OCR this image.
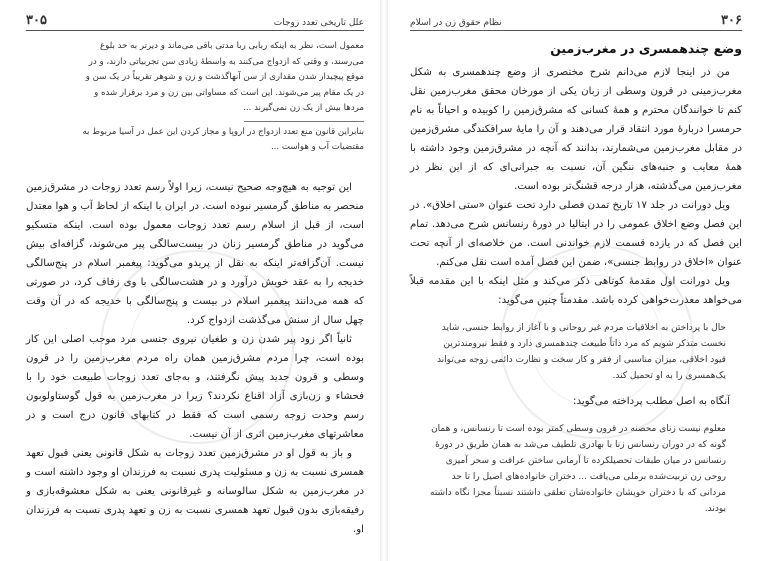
علل تاریخی تعدد زوجات
۳۰۵

معمول است، نظر به اینکه ربابی ربا مدتی باقی می‌ماند و دیرتر به حد بلوغ

می‌رسند، و وقتی که ازدواج می‌کنند به واسطهٔ زیادی سن تجربیاتی دارند، و در

موقع پیچیدار شدن مقداری از سن آنهاگذشت و زن و شوهر تقریباً در یک سن و

در یک مقام پیر می‌شوند. این است که مساواتی بین زن و مرد برقرار شده و

مردها بیش از یک زن نمی‌گیرند ...

بنابراین قانون منع تعدد ازدواج در اروپا و مجاز کردن این عمل در آسیا مربوط به

مقتضیات آب و هواست ...

این توجیه به هیچ‌وجه صحیح نیست، زیرا اولاً رسم تعدد زوجات در مشرق‌زمین منحصر به مناطق گرمسیر نبوده است. در ایران با اینکه از لحاظ آب و هوا معتدل است، از قبل از اسلام رسم تعدد زوجات معمول بوده است. اینکه متسکیو می‌گوید در مناطق گرمسیر زنان در بیست‌سالگی پیر می‌شوند، گزافه‌ای بیش نیست. آن‌گزافه‌تر اینکه به نقل از پریدو می‌گوید: پیغمبر اسلام در پنج‌سالگی خدیجه را به عقد خویش درآورد و در هشت‌سالگی با وی زفاف کرد، در صورتی که همه می‌دانند پیغمبر اسلام در بیست و پنج‌سالگی با خدیجه که در آن وقت چهل سال از سنش می‌گذشت ازدواج کرد.

ثانیاً اگر زود پیر شدن زن و طغیان نیروی جنسی مرد موجب اصلی این کار بوده است، چرا مردم مشرق‌زمین همان راه مردم مغرب‌زمین را در قرون وسطی و قرون جدید پیش نگرفتند، و به‌جای تعدد زوجات طبیعت خود را با فحشاء و زن‌بازی آزاد اقناع نکردند؟ زیرا در مغرب‌زمین به قول گوستاولوبون رسم وحدت زوجه رسمی است که فقط در کتابهای قانون درج است و در معاشرتهای مغرب‌زمین اثری از آن نیست.

و باز به قول او در مشرق‌زمین تعدد زوجات به شکل قانونی یعنی قبول تعهد همسری نسبت به زن و مسئولیت پدری نسبت به فرزندان او وجود داشته است و در مغرب‌زمین به شکل سالوسانه و غیرقانونی یعنی به شکل معشوقه‌بازی و رفیقه‌بازی بدون قبول تعهد همسری نسبت به زن و تعهد پدری نسبت به فرزندان او.

۳۰۶
نظام حقوق زن در اسلام
وضع چندهمسری در مغرب‌زمین

من در اینجا لازم می‌دانم شرح مختصری از وضع چندهمسری به شکل مغرب‌زمینی در قرون وسطی از زبان یکی از مورخان محقق مغرب‌زمین نقل کنم تا خوانندگان محترم و همهٔ کسانی که مشرق‌زمین را کوبیده و احیاناً به نام حرمسرا دربارهٔ مورد انتقاد قرار می‌دهند و آن را مایهٔ سرافکندگی مشرق‌زمین در مقابل مغرب‌زمین می‌شمارند، بدانند که آنچه در مشرق‌زمین وجود داشته با همهٔ معایب و جنبه‌های ننگین آن، نسبت به جبرانی‌ای که از این نظر در مغرب‌زمین می‌گذشته، هزار درجه قشنگ‌تر بوده است.

ویل دورانت در جلد ۱۷ تاریخ تمدن فصلی دارد تحت عنوان «ستی اخلاق». در این فصل وضع اخلاق عمومی را در ایتالیا در دورهٔ رنسانس شرح می‌دهد. تمام این فصل که در یازده قسمت لازم خواندنی است. من خلاصه‌ای از آنچه تحت عنوان «اخلاق در روابط جنسی»، ضمن این فصل آمده است نقل می‌کنم.

ویل دورانت اول مقدمهٔ کوتاهی ذکر می‌کند و مثل اینکه با این مقدمه قبلاً می‌خواهد معذرت‌خواهی کرده باشد. مقدمتاً چنین می‌گوید:

حال با پرداختن به اخلاقیات مردم غیر روحانی و با آغاز از روابط جنسی، شاید

نخست متذکر شویم که مرد ذاتاً طبیعت چندهمسری دارد و فقط نیرومندترین

قیود اخلاقی، میزان مناسبی از فقر و کار سخت و نظارت دائمی زوجه می‌تواند

یک‌همسری را به او تحمیل کند.

آنگاه به اصل مطلب پرداخته می‌گوید:

معلوم نیست زنای محصنه در قرون وسطی کمتر بوده است تا رنسانس، و همان

گونه که در دوران رنسانس زنا با بهادری تلطیف می‌شد به همان طریق در دورهٔ

رنسانس در میان طبقات تحصیلکرده تا آرمانی ساختن عرافت و سحر آمیزی

روحی زن تربیت‌شده برملی می‌یافت ... دختران خانواده‌های اصیل را تا حد

مردانی که با دختران خویشان خانواده‌شان تعلقی داشتند نسبتاً مجزا نگاه داشته بودند.
